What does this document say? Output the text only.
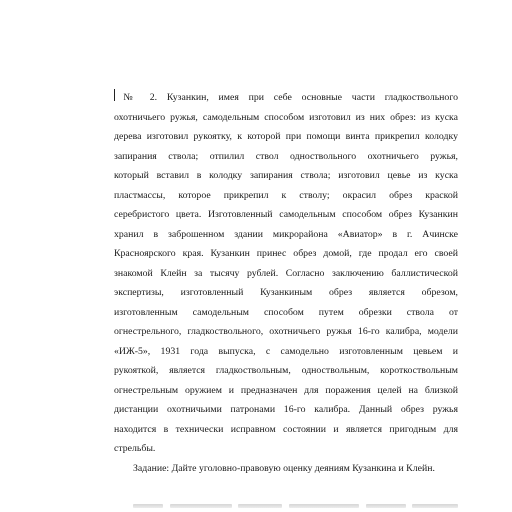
№ 2. Кузанкин, имея при себе основные части гладкоствольного
охотничьего ружья, самодельным способом изготовил из них обрез: из куска
дерева изготовил рукоятку, к которой при помощи винта прикрепил колодку
запирания ствола; отпилил ствол одноствольного охотничьего ружья,
который вставил в колодку запирания ствола; изготовил цевье из куска
пластмассы, которое прикрепил к стволу; окрасил обрез краской
серебристого цвета. Изготовленный самодельным способом обрез Кузанкин
хранил в заброшенном здании микрорайона «Авиатор» в г. Ачинске
Красноярского края. Кузанкин принес обрез домой, где продал его своей
знакомой Клейн за тысячу рублей. Согласно заключению баллистической
экспертизы, изготовленный Кузанкиным обрез является обрезом,
изготовленным самодельным способом путем обрезки ствола от
огнестрельного, гладкоствольного, охотничьего ружья 16-го калибра, модели
«ИЖ-5», 1931 года выпуска, с самодельно изготовленным цевьем и
рукояткой, является гладкоствольным, одноствольным, короткоствольным
огнестрельным оружием и предназначен для поражения целей на близкой
дистанции охотничьими патронами 16-го калибра. Данный обрез ружья
находится в технически исправном состоянии и является пригодным для
стрельбы.
Задание: Дайте уголовно-правовую оценку деяниям Кузанкина и Клейн.
